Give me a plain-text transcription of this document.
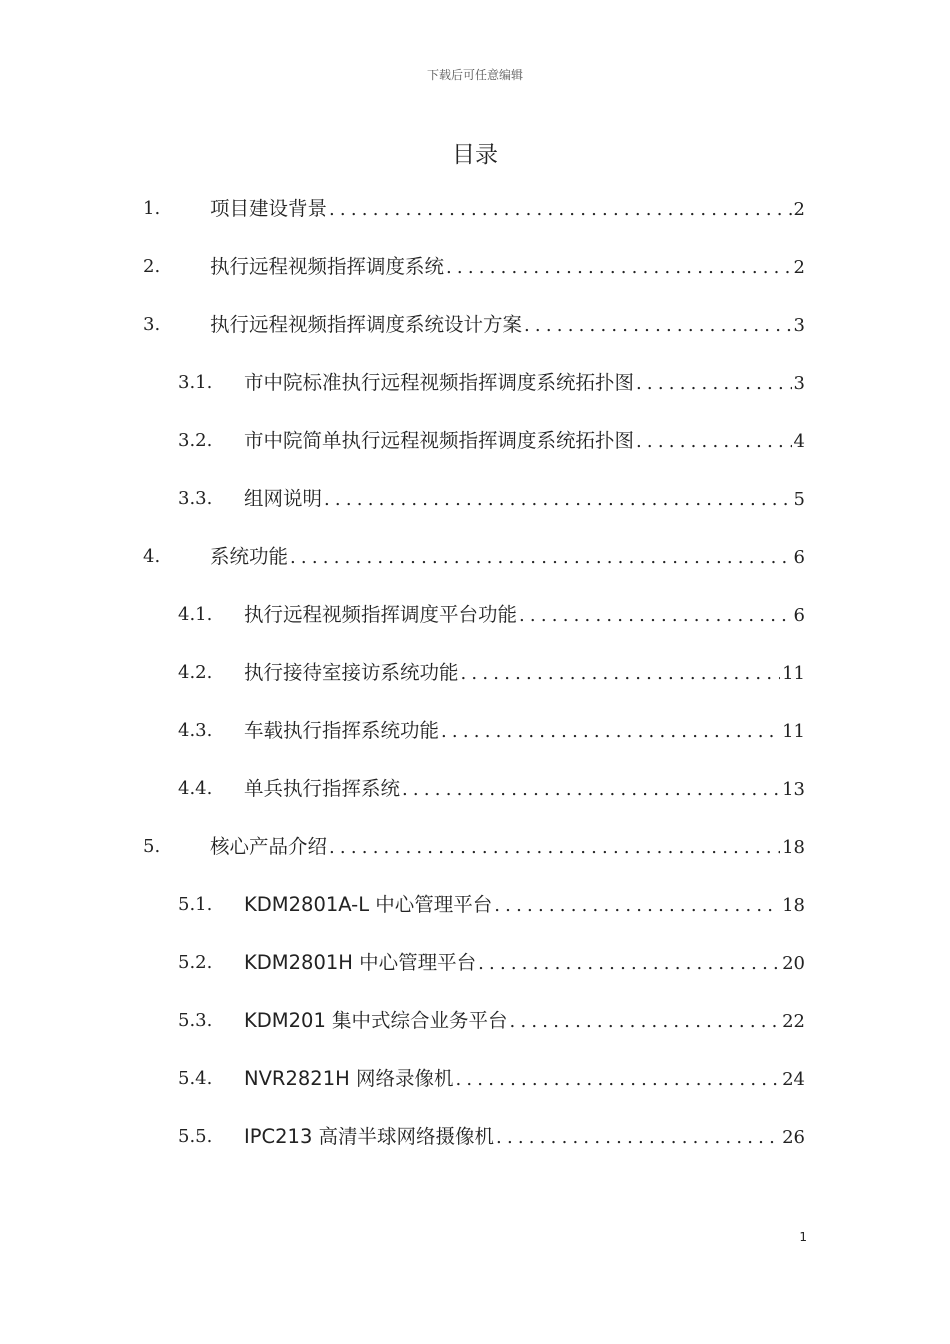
下载后可任意编辑
目录
1.	项目建设背景 .....	2
2.	执行远程视频指挥调度系统 .....	2
3.	执行远程视频指挥调度系统设计方案 .....	3
3.1. 市中院标准执行远程视频指挥调度系统拓扑图 .....	3
3.2. 市中院简单执行远程视频指挥调度系统拓扑图 .....	4
3.3. 组网说明 .....	5
4.	系统功能 .....	6
4.1. 执行远程视频指挥调度平台功能 .....	6
4.2. 执行接待室接访系统功能 .....	11
4.3. 车载执行指挥系统功能 .....	11
4.4. 单兵执行指挥系统 .....	13
5.	核心产品介绍 .....	18
5.1. KDM2801A-L 中心管理平台 .....	18
5.2. KDM2801H 中心管理平台 .....	20
5.3. KDM201 集中式综合业务平台 .....	22
5.4. NVR2821H 网络录像机 .....	24
5.5. IPC213 高清半球网络摄像机 .....	26
1
